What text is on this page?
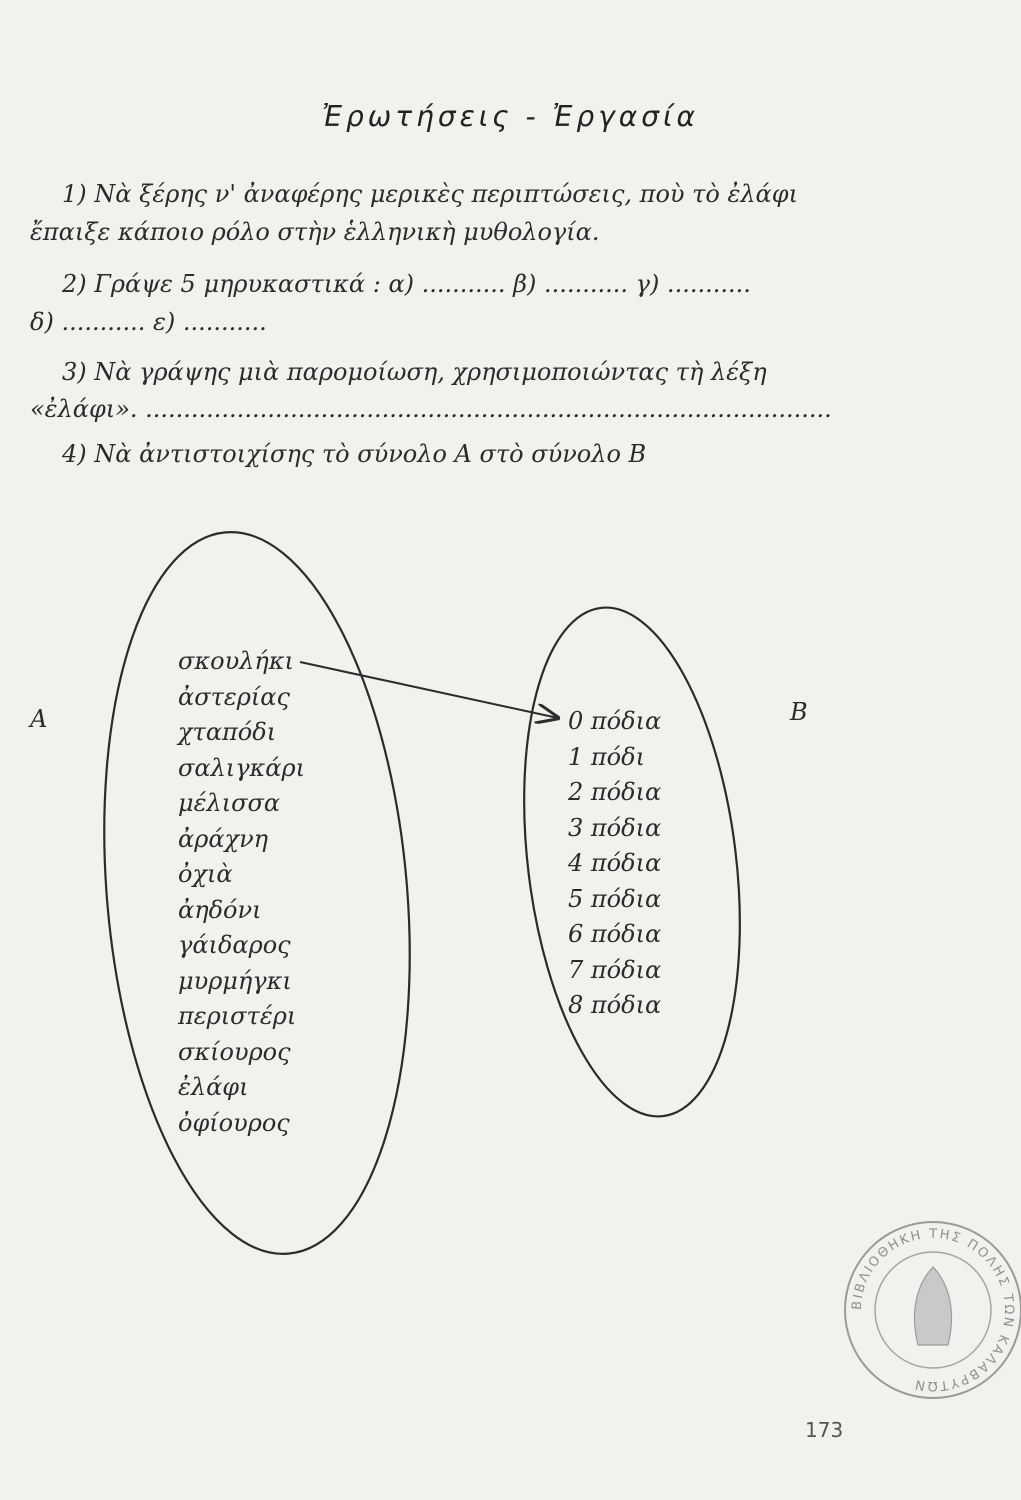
Ἐρωτήσεις - Ἐργασία
1) Νὰ ξέρης ν' ἀναφέρης μερικὲς περιπτώσεις, ποὺ τὸ ἐλάφι
ἔπαιξε κάποιο ρόλο στὴν ἑλληνικὴ μυθολογία.
2) Γράψε 5 μηρυκαστικά : α) ........... β) ........... γ) ...........
δ) ........... ε) ...........
3) Νὰ γράψης μιὰ παρομοίωση, χρησιμοποιώντας τὴ λέξη
«ἐλάφι». ..........................................................................................
4) Νὰ ἀντιστοιχίσης τὸ σύνολο Α στὸ σύνολο Β
Α	Β
σκουλήκι
ἀστερίας
χταπόδι
σαλιγκάρι
μέλισσα
ἀράχνη
ὀχιὰ
ἀηδόνι
γάιδαρος
μυρμήγκι
περιστέρι
σκίουρος
ἐλάφι
ὀφίουρος
0 πόδια
1 πόδι
2 πόδια
3 πόδια
4 πόδια
5 πόδια
6 πόδια
7 πόδια
8 πόδια
ΒΙΒΛΙΟΘΗΚΗ ΤΗΣ ΠΟΛΗΣ ΤΩΝ ΚΑΛΑΒΡΥΤΩΝ
173
